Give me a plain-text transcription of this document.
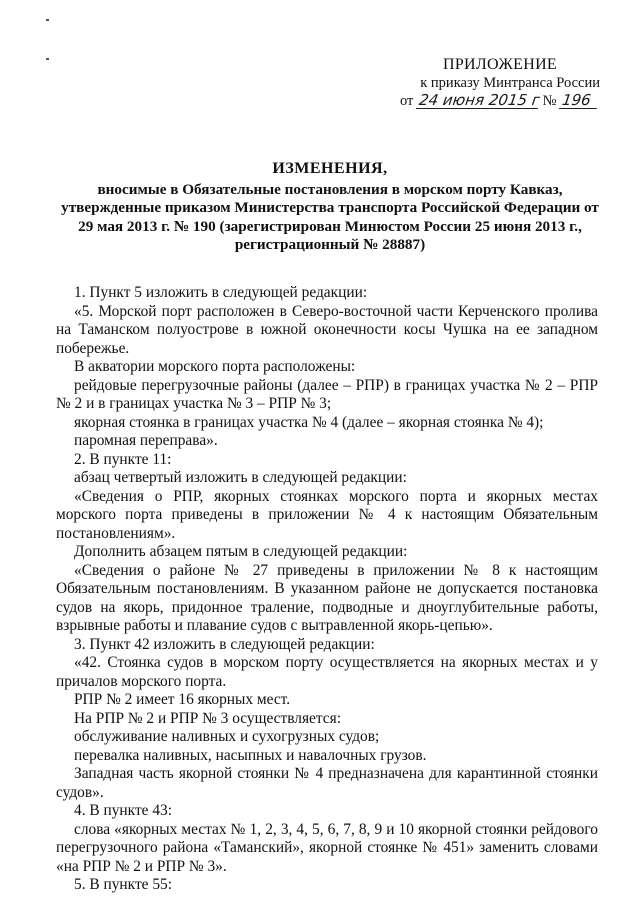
ПРИЛОЖЕНИЕ
к приказу Минтранса России
от 24 июня 2015 г № 196
ИЗМЕНЕНИЯ,
вносимые в Обязательные постановления в морском порту Кавказ, утвержденные приказом Министерства транспорта Российской Федерации от 29 мая 2013 г. № 190 (зарегистрирован Минюстом России 25 июня 2013 г., регистрационный № 28887)

1. Пункт 5 изложить в следующей редакции:

«5. Морской порт расположен в Северо-восточной части Керченского пролива на Таманском полуострове в южной оконечности косы Чушка на ее западном побережье.

В акватории морского порта расположены:

рейдовые перегрузочные районы (далее – РПР) в границах участка № 2 – РПР № 2 и в границах участка № 3 – РПР № 3;

якорная стоянка в границах участка № 4 (далее – якорная стоянка № 4);

паромная переправа».

2. В пункте 11:

абзац четвертый изложить в следующей редакции:

«Сведения о РПР, якорных стоянках морского порта и якорных местах морского порта приведены в приложении № 4 к настоящим Обязательным постановлениям».

Дополнить абзацем пятым в следующей редакции:

«Сведения о районе № 27 приведены в приложении № 8 к настоящим Обязательным постановлениям. В указанном районе не допускается постановка судов на якорь, придонное траление, подводные и дноуглубительные работы, взрывные работы и плавание судов с вытравленной якорь-цепью».

3. Пункт 42 изложить в следующей редакции:

«42. Стоянка судов в морском порту осуществляется на якорных местах и у причалов морского порта.

РПР № 2 имеет 16 якорных мест.

На РПР № 2 и РПР № 3 осуществляется:

обслуживание наливных и сухогрузных судов;

перевалка наливных, насыпных и навалочных грузов.

Западная часть якорной стоянки № 4 предназначена для карантинной стоянки судов».

4. В пункте 43:

слова «якорных местах № 1, 2, 3, 4, 5, 6, 7, 8, 9 и 10 якорной стоянки рейдового перегрузочного района «Таманский», якорной стоянке № 451» заменить словами «на РПР № 2 и РПР № 3».

5. В пункте 55:
